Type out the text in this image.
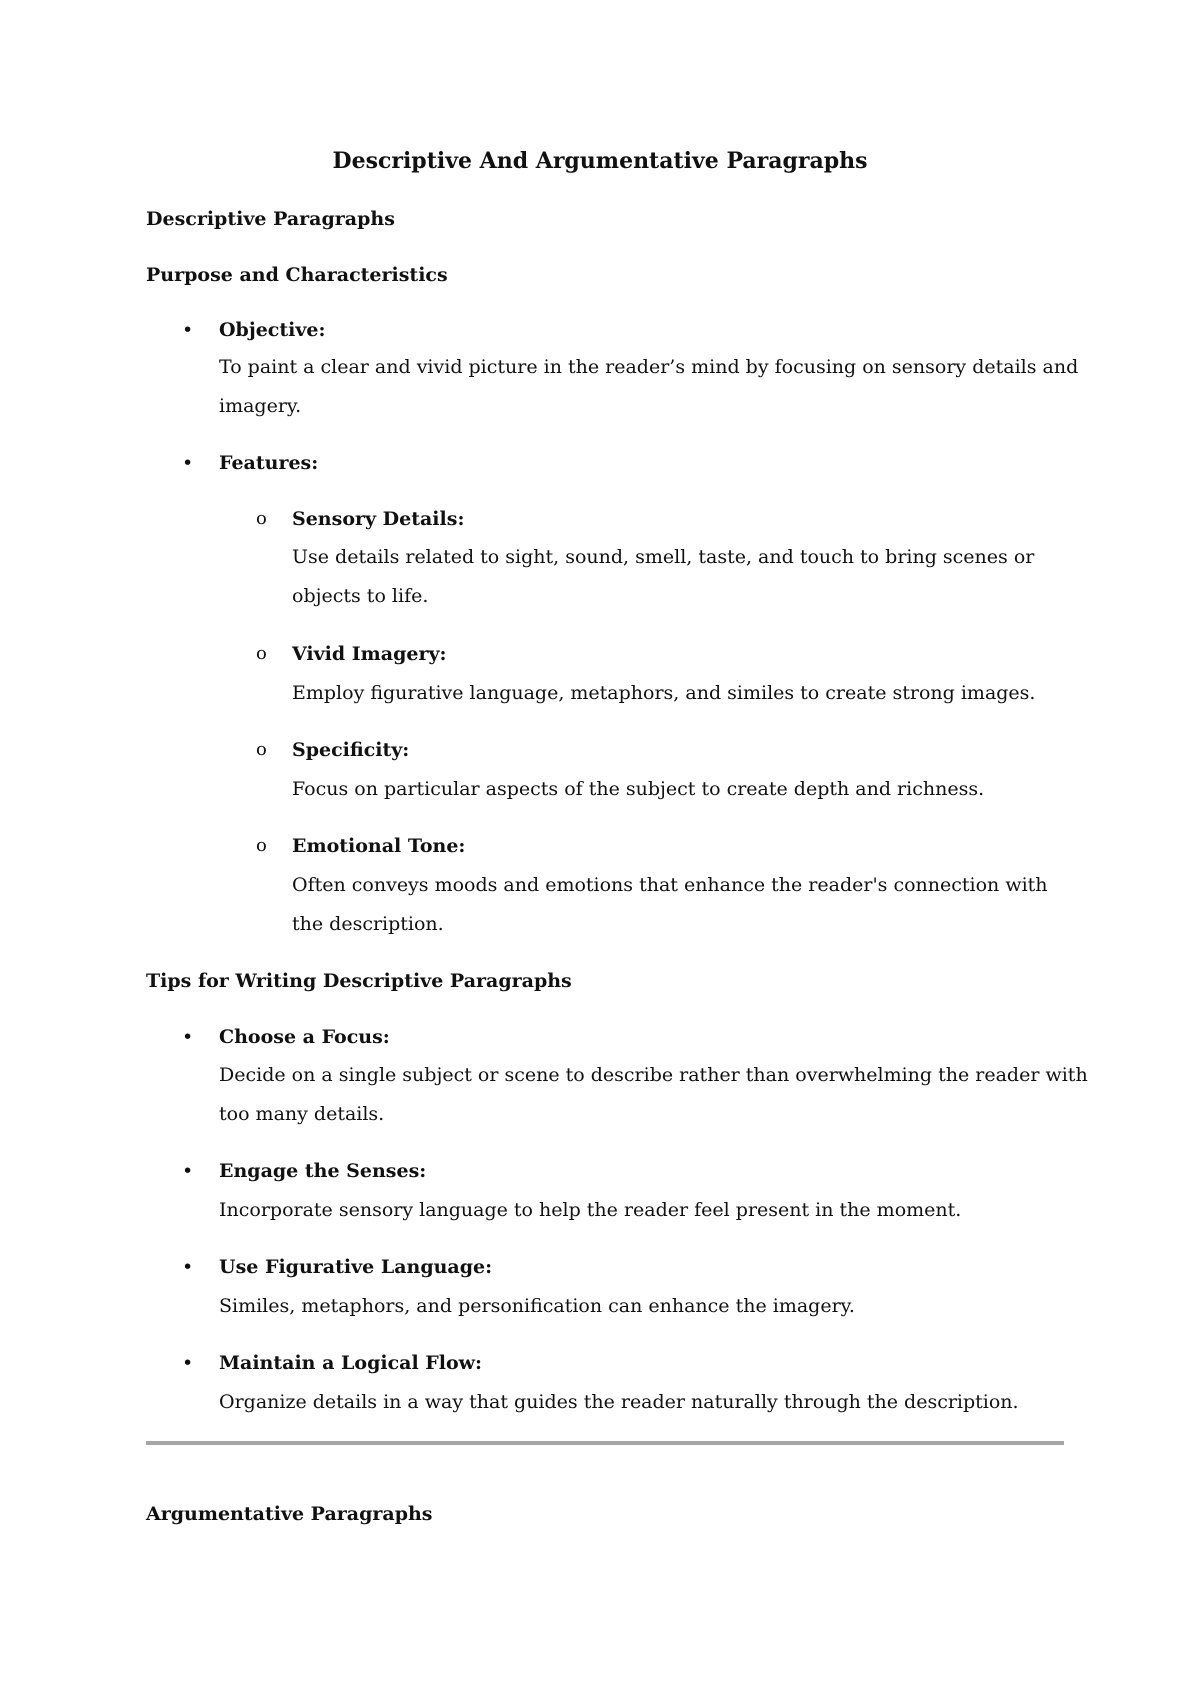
Descriptive And Argumentative Paragraphs
Descriptive Paragraphs
Purpose and Characteristics
• Objective:
To paint a clear and vivid picture in the reader’s mind by focusing on sensory details and imagery.
• Features:
o Sensory Details:
Use details related to sight, sound, smell, taste, and touch to bring scenes or objects to life.
o Vivid Imagery:
Employ figurative language, metaphors, and similes to create strong images.
o Specificity:
Focus on particular aspects of the subject to create depth and richness.
o Emotional Tone:
Often conveys moods and emotions that enhance the reader's connection with the description.
Tips for Writing Descriptive Paragraphs
• Choose a Focus:
Decide on a single subject or scene to describe rather than overwhelming the reader with too many details.
• Engage the Senses:
Incorporate sensory language to help the reader feel present in the moment.
• Use Figurative Language:
Similes, metaphors, and personification can enhance the imagery.
• Maintain a Logical Flow:
Organize details in a way that guides the reader naturally through the description.
Argumentative Paragraphs
